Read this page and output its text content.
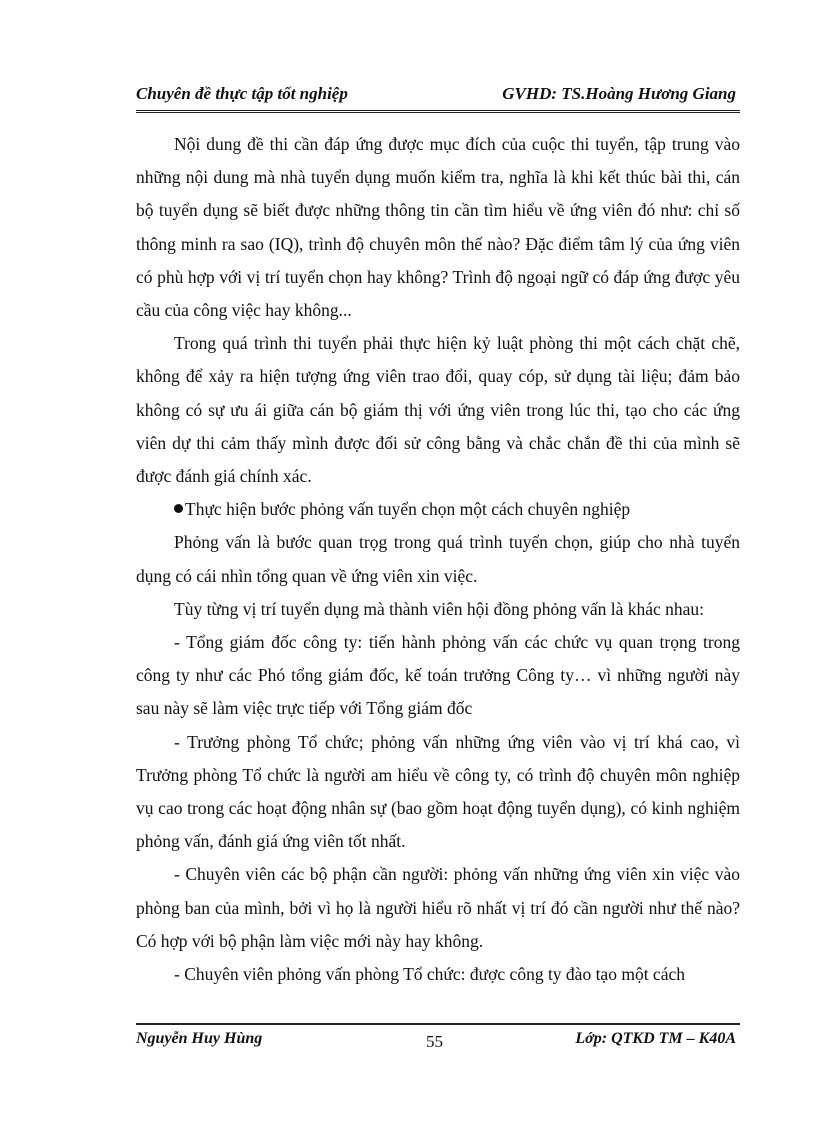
Chuyên đề thực tập tốt nghiệp	GVHD: TS.Hoàng Hương Giang

Nội dung đề thi cần đáp ứng được mục đích của cuộc thi tuyển, tập trung vào những nội dung mà nhà tuyển dụng muốn kiểm tra, nghĩa là khi kết thúc bài thi, cán bộ tuyển dụng sẽ biết được những thông tin cần tìm hiểu về ứng viên đó như: chỉ số thông minh ra sao (IQ), trình độ chuyên môn thế nào? Đặc điểm tâm lý của ứng viên có phù hợp với vị trí tuyển chọn hay không? Trình độ ngoại ngữ có đáp ứng được yêu cầu của công việc hay không...

Trong quá trình thi tuyển phải thực hiện kỷ luật phòng thi một cách chặt chẽ, không để xảy ra hiện tượng ứng viên trao đổi, quay cóp, sử dụng tài liệu; đảm bảo không có sự ưu ái giữa cán bộ giám thị với ứng viên trong lúc thi, tạo cho các ứng viên dự thi cảm thấy mình được đối sử công bằng và chắc chắn đề thi của mình sẽ được đánh giá chính xác.

Thực hiện bước phỏng vấn tuyển chọn một cách chuyên nghiệp

Phỏng vấn là bước quan trọg trong quá trình tuyển chọn, giúp cho nhà tuyển dụng có cái nhìn tổng quan về ứng viên xin việc.

Tùy từng vị trí tuyển dụng mà thành viên hội đồng phỏng vấn là khác nhau:

- Tổng giám đốc công ty: tiến hành phỏng vấn các chức vụ quan trọng trong công ty như các Phó tổng giám đốc, kế toán trưởng Công ty… vì những người này sau này sẽ làm việc trực tiếp với Tổng giám đốc

- Trưởng phòng Tổ chức; phỏng vấn những ứng viên vào vị trí khá cao, vì Trưởng phòng Tổ chức là người am hiểu về công ty, có trình độ chuyên môn nghiệp vụ cao trong các hoạt động nhân sự (bao gồm hoạt động tuyển dụng), có kinh nghiệm phỏng vấn, đánh giá ứng viên tốt nhất.

- Chuyên viên các bộ phận cần người: phỏng vấn những ứng viên xin việc vào phòng ban của mình, bởi vì họ là người hiểu rõ nhất vị trí đó cần người như thế nào? Có hợp với bộ phận làm việc mới này hay không.

- Chuyên viên phỏng vấn phòng Tổ chức: được công ty đào tạo một cách

Nguyễn Huy Hùng	55	Lớp: QTKD TM – K40A
